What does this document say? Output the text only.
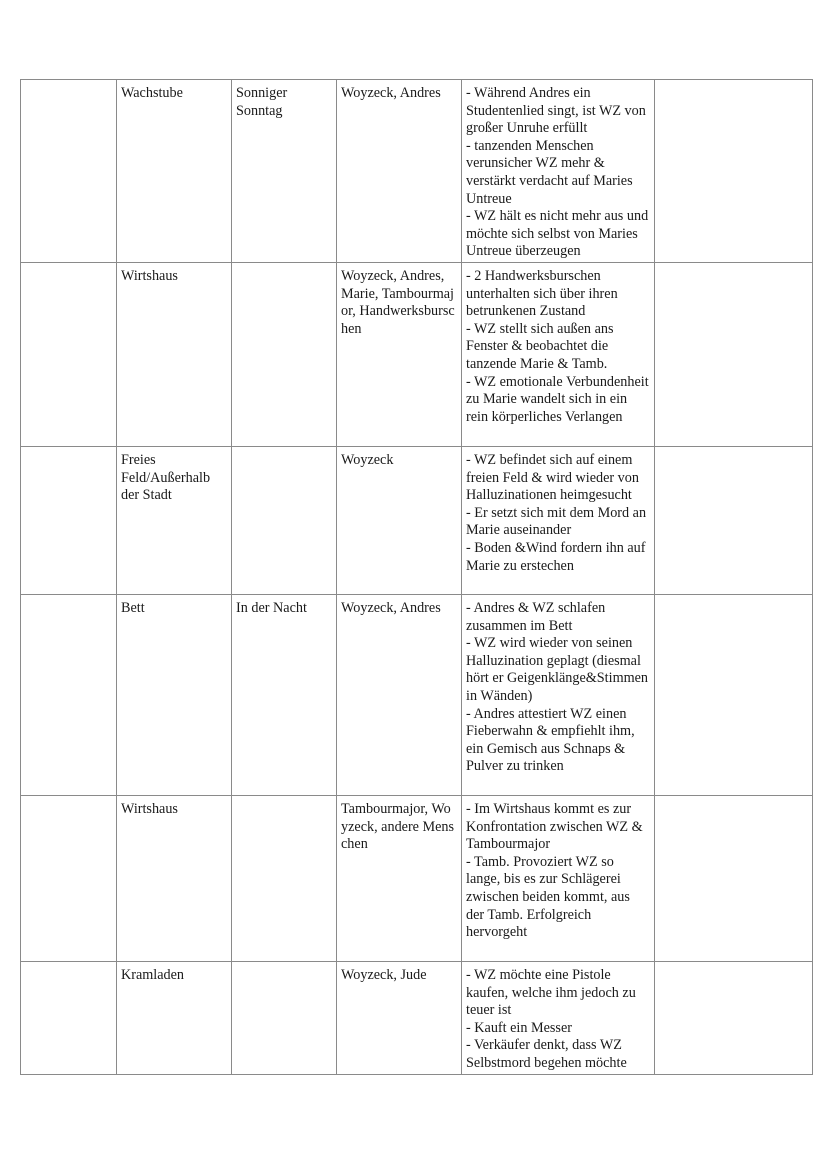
	Wachstube	Sonniger Sonntag	Woyzeck, Andres	- Während Andres ein Studentenlied singt, ist WZ von großer Unruhe erfüllt
- tanzenden Menschen verunsicher WZ mehr & verstärkt verdacht auf Maries Untreue
- WZ hält es nicht mehr aus und möchte sich selbst von Maries Untreue überzeugen	

	Wirtshaus		Woyzeck, Andres, Marie, Tambourmajor, Handwerksburschen	- 2 Handwerksburschen unterhalten sich über ihren betrunkenen Zustand
- WZ stellt sich außen ans Fenster & beobachtet die tanzende Marie & Tamb.
- WZ emotionale Verbundenheit zu Marie wandelt sich in ein rein körperliches Verlangen	

	Freies Feld/Außerhalb der Stadt		Woyzeck	- WZ befindet sich auf einem freien Feld & wird wieder von Halluzinationen heimgesucht
- Er setzt sich mit dem Mord an Marie auseinander
- Boden &Wind fordern ihn auf Marie zu erstechen	

	Bett	In der Nacht	Woyzeck, Andres	- Andres & WZ schlafen zusammen im Bett
- WZ wird wieder von seinen Halluzination geplagt (diesmal hört er Geigenklänge&Stimmen in Wänden)
- Andres attestiert WZ einen Fieberwahn & empfiehlt ihm, ein Gemisch aus Schnaps & Pulver zu trinken	

	Wirtshaus		Tambourmajor, Woyzeck, andere Menschen	- Im Wirtshaus kommt es zur Konfrontation zwischen WZ & Tambourmajor
- Tamb. Provoziert WZ so lange, bis es zur Schlägerei zwischen beiden kommt, aus der Tamb. Erfolgreich hervorgeht	

	Kramladen		Woyzeck, Jude	- WZ möchte eine Pistole kaufen, welche ihm jedoch zu teuer ist
- Kauft ein Messer
- Verkäufer denkt, dass WZ Selbstmord begehen möchte	
